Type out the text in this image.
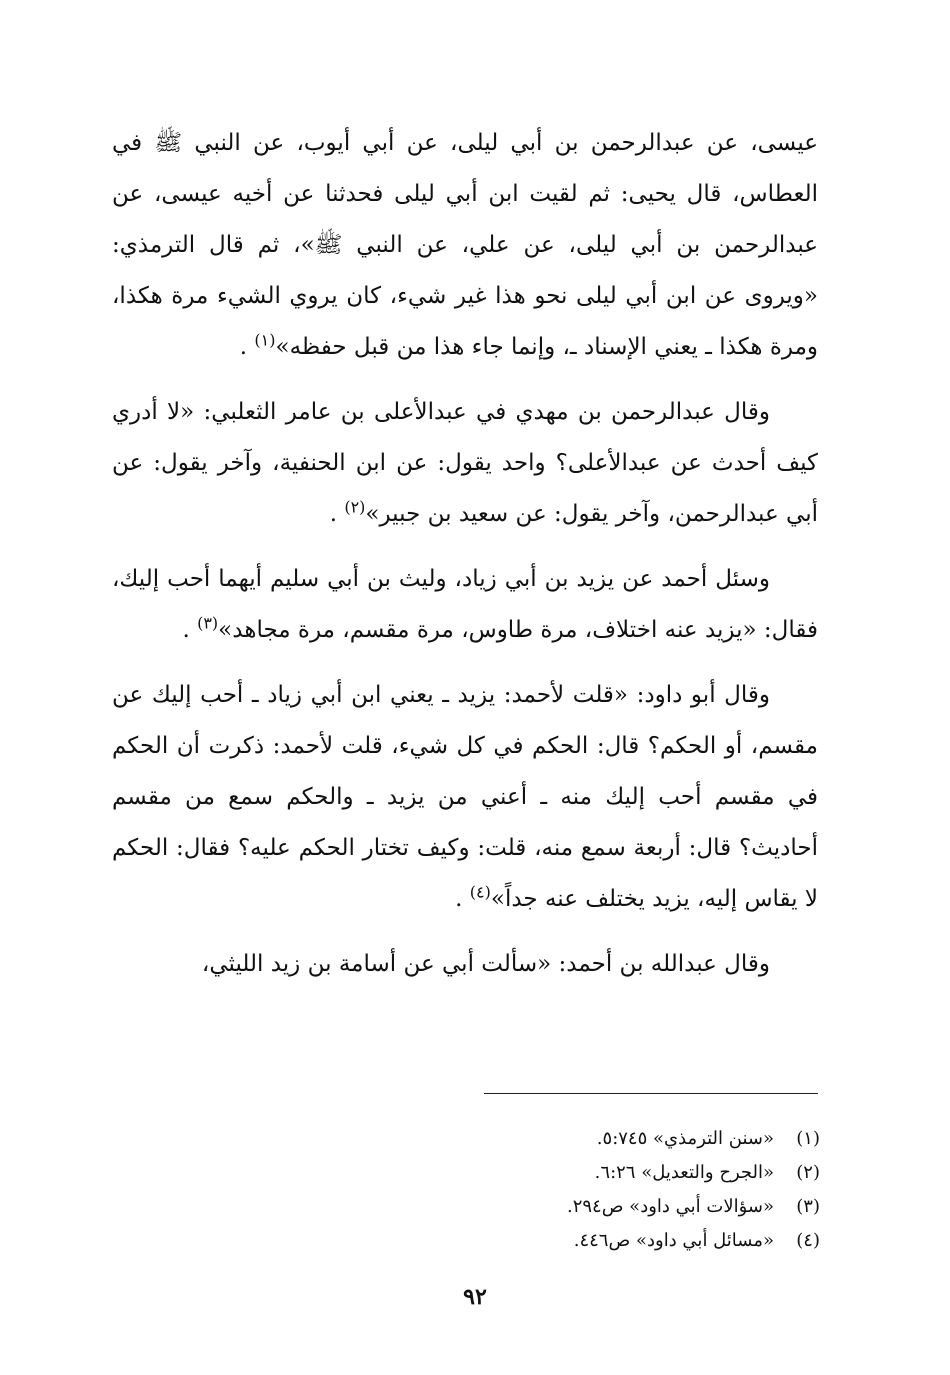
عيسى، عن عبدالرحمن بن أبي ليلى، عن أبي أيوب، عن النبي ﷺ في العطاس، قال يحيى: ثم لقيت ابن أبي ليلى فحدثنا عن أخيه عيسى، عن عبدالرحمن بن أبي ليلى، عن علي، عن النبي ﷺ»، ثم قال الترمذي: «ويروى عن ابن أبي ليلى نحو هذا غير شيء، كان يروي الشيء مرة هكذا، ومرة هكذا ـ يعني الإسناد ـ، وإنما جاء هذا من قبل حفظه»$^{(١)}$ .

وقال عبدالرحمن بن مهدي في عبدالأعلى بن عامر الثعلبي: «لا أدري كيف أحدث عن عبدالأعلى؟ واحد يقول: عن ابن الحنفية، وآخر يقول: عن أبي عبدالرحمن، وآخر يقول: عن سعيد بن جبير»$^{(٢)}$ .

وسئل أحمد عن يزيد بن أبي زياد، وليث بن أبي سليم أيهما أحب إليك، فقال: «يزيد عنه اختلاف، مرة طاوس، مرة مقسم، مرة مجاهد»$^{(٣)}$ .

وقال أبو داود: «قلت لأحمد: يزيد ـ يعني ابن أبي زياد ـ أحب إليك عن مقسم، أو الحكم؟ قال: الحكم في كل شيء، قلت لأحمد: ذكرت أن الحكم في مقسم أحب إليك منه ـ أعني من يزيد ـ والحكم سمع من مقسم أحاديث؟ قال: أربعة سمع منه، قلت: وكيف تختار الحكم عليه؟ فقال: الحكم لا يقاس إليه، يزيد يختلف عنه جداً»$^{(٤)}$ .

وقال عبدالله بن أحمد: «سألت أبي عن أسامة بن زيد الليثي،

(١)
«سنن الترمذي» ٥:٧٤٥.
(٢)
«الجرح والتعديل» ٦:٢٦.
(٣)
«سؤالات أبي داود» ص٢٩٤.
(٤)
«مسائل أبي داود» ص٤٤٦.
٩٢
